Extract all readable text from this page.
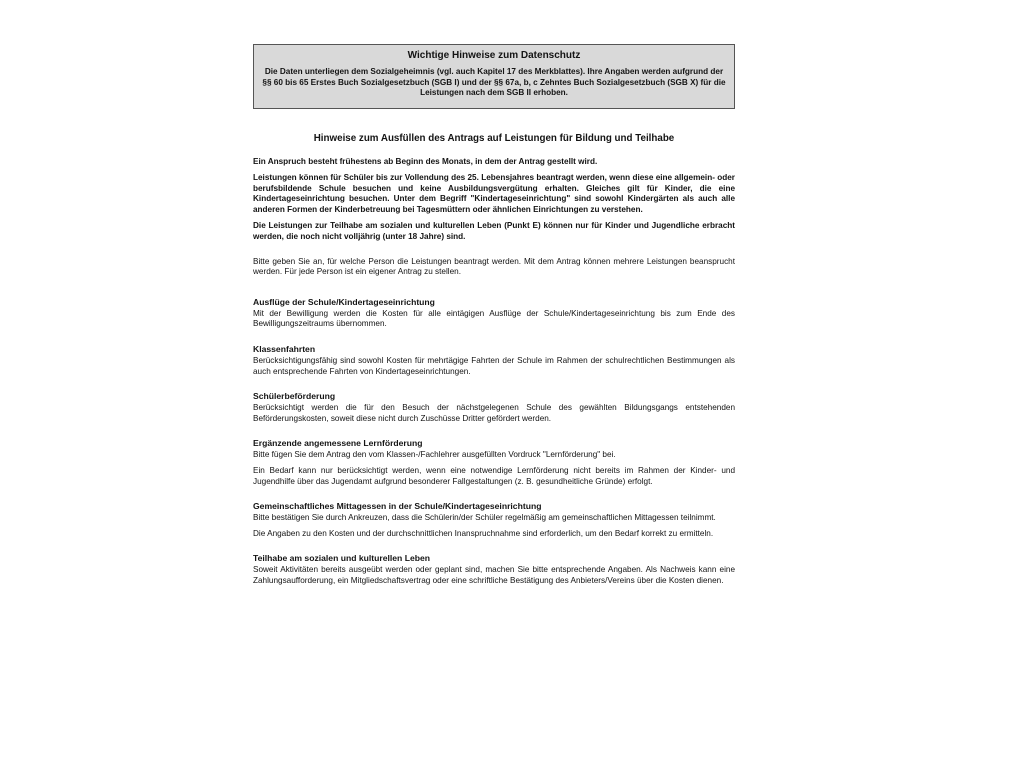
Wichtige Hinweise zum Datenschutz

Die Daten unterliegen dem Sozialgeheimnis (vgl. auch Kapitel 17 des Merkblattes). Ihre Angaben werden aufgrund der §§ 60 bis 65 Erstes Buch Sozialgesetzbuch (SGB I) und der §§ 67a, b, c Zehntes Buch Sozialgesetzbuch (SGB X) für die Leistungen nach dem SGB II erhoben.

Hinweise zum Ausfüllen des Antrags auf Leistungen für Bildung und Teilhabe

Ein Anspruch besteht frühestens ab Beginn des Monats, in dem der Antrag gestellt wird.

Leistungen können für Schüler bis zur Vollendung des 25. Lebensjahres beantragt werden, wenn diese eine allgemein- oder berufsbildende Schule besuchen und keine Ausbildungsvergütung erhalten. Gleiches gilt für Kinder, die eine Kindertageseinrichtung besuchen. Unter dem Begriff "Kindertageseinrichtung" sind sowohl Kindergärten als auch alle anderen Formen der Kinderbetreuung bei Tagesmüttern oder ähnlichen Einrichtungen zu verstehen.

Die Leistungen zur Teilhabe am sozialen und kulturellen Leben (Punkt E) können nur für Kinder und Jugendliche erbracht werden, die noch nicht volljährig (unter 18 Jahre) sind.

Bitte geben Sie an, für welche Person die Leistungen beantragt werden. Mit dem Antrag können mehrere Leistungen beansprucht werden. Für jede Person ist ein eigener Antrag zu stellen.

Ausflüge der Schule/Kindertageseinrichtung

Mit der Bewilligung werden die Kosten für alle eintägigen Ausflüge der Schule/Kindertageseinrichtung bis zum Ende des Bewilligungszeitraums übernommen.

Klassenfahrten

Berücksichtigungsfähig sind sowohl Kosten für mehrtägige Fahrten der Schule im Rahmen der schulrechtlichen Bestimmungen als auch entsprechende Fahrten von Kindertageseinrichtungen.

Schülerbeförderung

Berücksichtigt werden die für den Besuch der nächstgelegenen Schule des gewählten Bildungsgangs entstehenden Beförderungskosten, soweit diese nicht durch Zuschüsse Dritter gefördert werden.

Ergänzende angemessene Lernförderung

Bitte fügen Sie dem Antrag den vom Klassen-/Fachlehrer ausgefüllten Vordruck "Lernförderung" bei.

Ein Bedarf kann nur berücksichtigt werden, wenn eine notwendige Lernförderung nicht bereits im Rahmen der Kinder- und Jugendhilfe über das Jugendamt aufgrund besonderer Fallgestaltungen (z. B. gesundheitliche Gründe) erfolgt.

Gemeinschaftliches Mittagessen in der Schule/Kindertageseinrichtung

Bitte bestätigen Sie durch Ankreuzen, dass die Schülerin/der Schüler regelmäßig am gemeinschaftlichen Mittagessen teilnimmt.

Die Angaben zu den Kosten und der durchschnittlichen Inanspruchnahme sind erforderlich, um den Bedarf korrekt zu ermitteln.

Teilhabe am sozialen und kulturellen Leben

Soweit Aktivitäten bereits ausgeübt werden oder geplant sind, machen Sie bitte entsprechende Angaben. Als Nachweis kann eine Zahlungsaufforderung, ein Mitgliedschaftsvertrag oder eine schriftliche Bestätigung des Anbieters/Vereins über die Kosten dienen.
